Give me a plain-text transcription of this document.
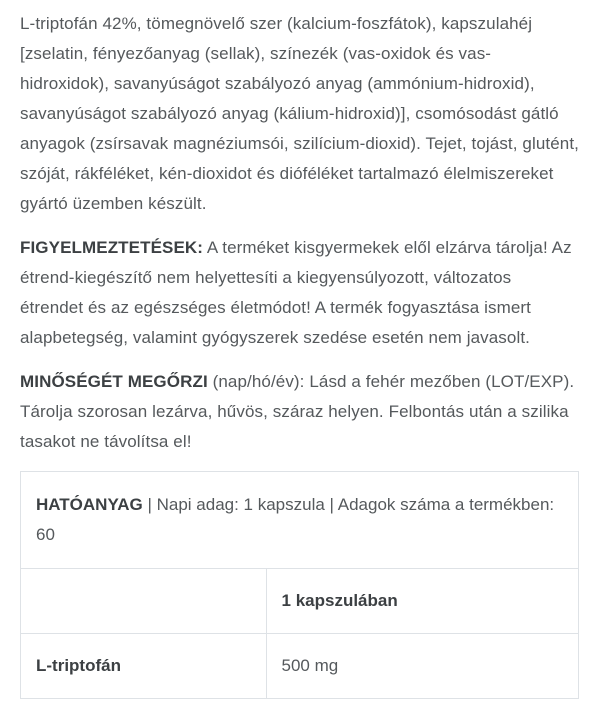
L-triptofán 42%, tömegnövelő szer (kalcium-foszfátok), kapszulahéj [zselatin, fényezőanyag (sellak), színezék (vas-oxidok és vas-hidroxidok), savanyúságot szabályozó anyag (ammónium-hidroxid), savanyúságot szabályozó anyag (kálium-hidroxid)], csomósodást gátló anyagok (zsírsavak magnéziumsói, szilícium-dioxid). Tejet, tojást, glutént, szóját, rákféléket, kén-dioxidot és dióféléket tartalmazó élelmiszereket gyártó üzemben készült.

FIGYELMEZTETÉSEK: A terméket kisgyermekek elől elzárva tárolja! Az étrend-kiegészítő nem helyettesíti a kiegyensúlyozott, változatos étrendet és az egészséges életmódot! A termék fogyasztása ismert alapbetegség, valamint gyógyszerek szedése esetén nem javasolt.

MINŐSÉGÉT MEGŐRZI (nap/hó/év): Lásd a fehér mezőben (LOT/EXP). Tárolja szorosan lezárva, hűvös, száraz helyen. Felbontás után a szilika tasakot ne távolítsa el!

HATÓANYAG | Napi adag: 1 kapszula | Adagok száma a termékben: 60	
	1 kapszulában
L-triptofán	500 mg
